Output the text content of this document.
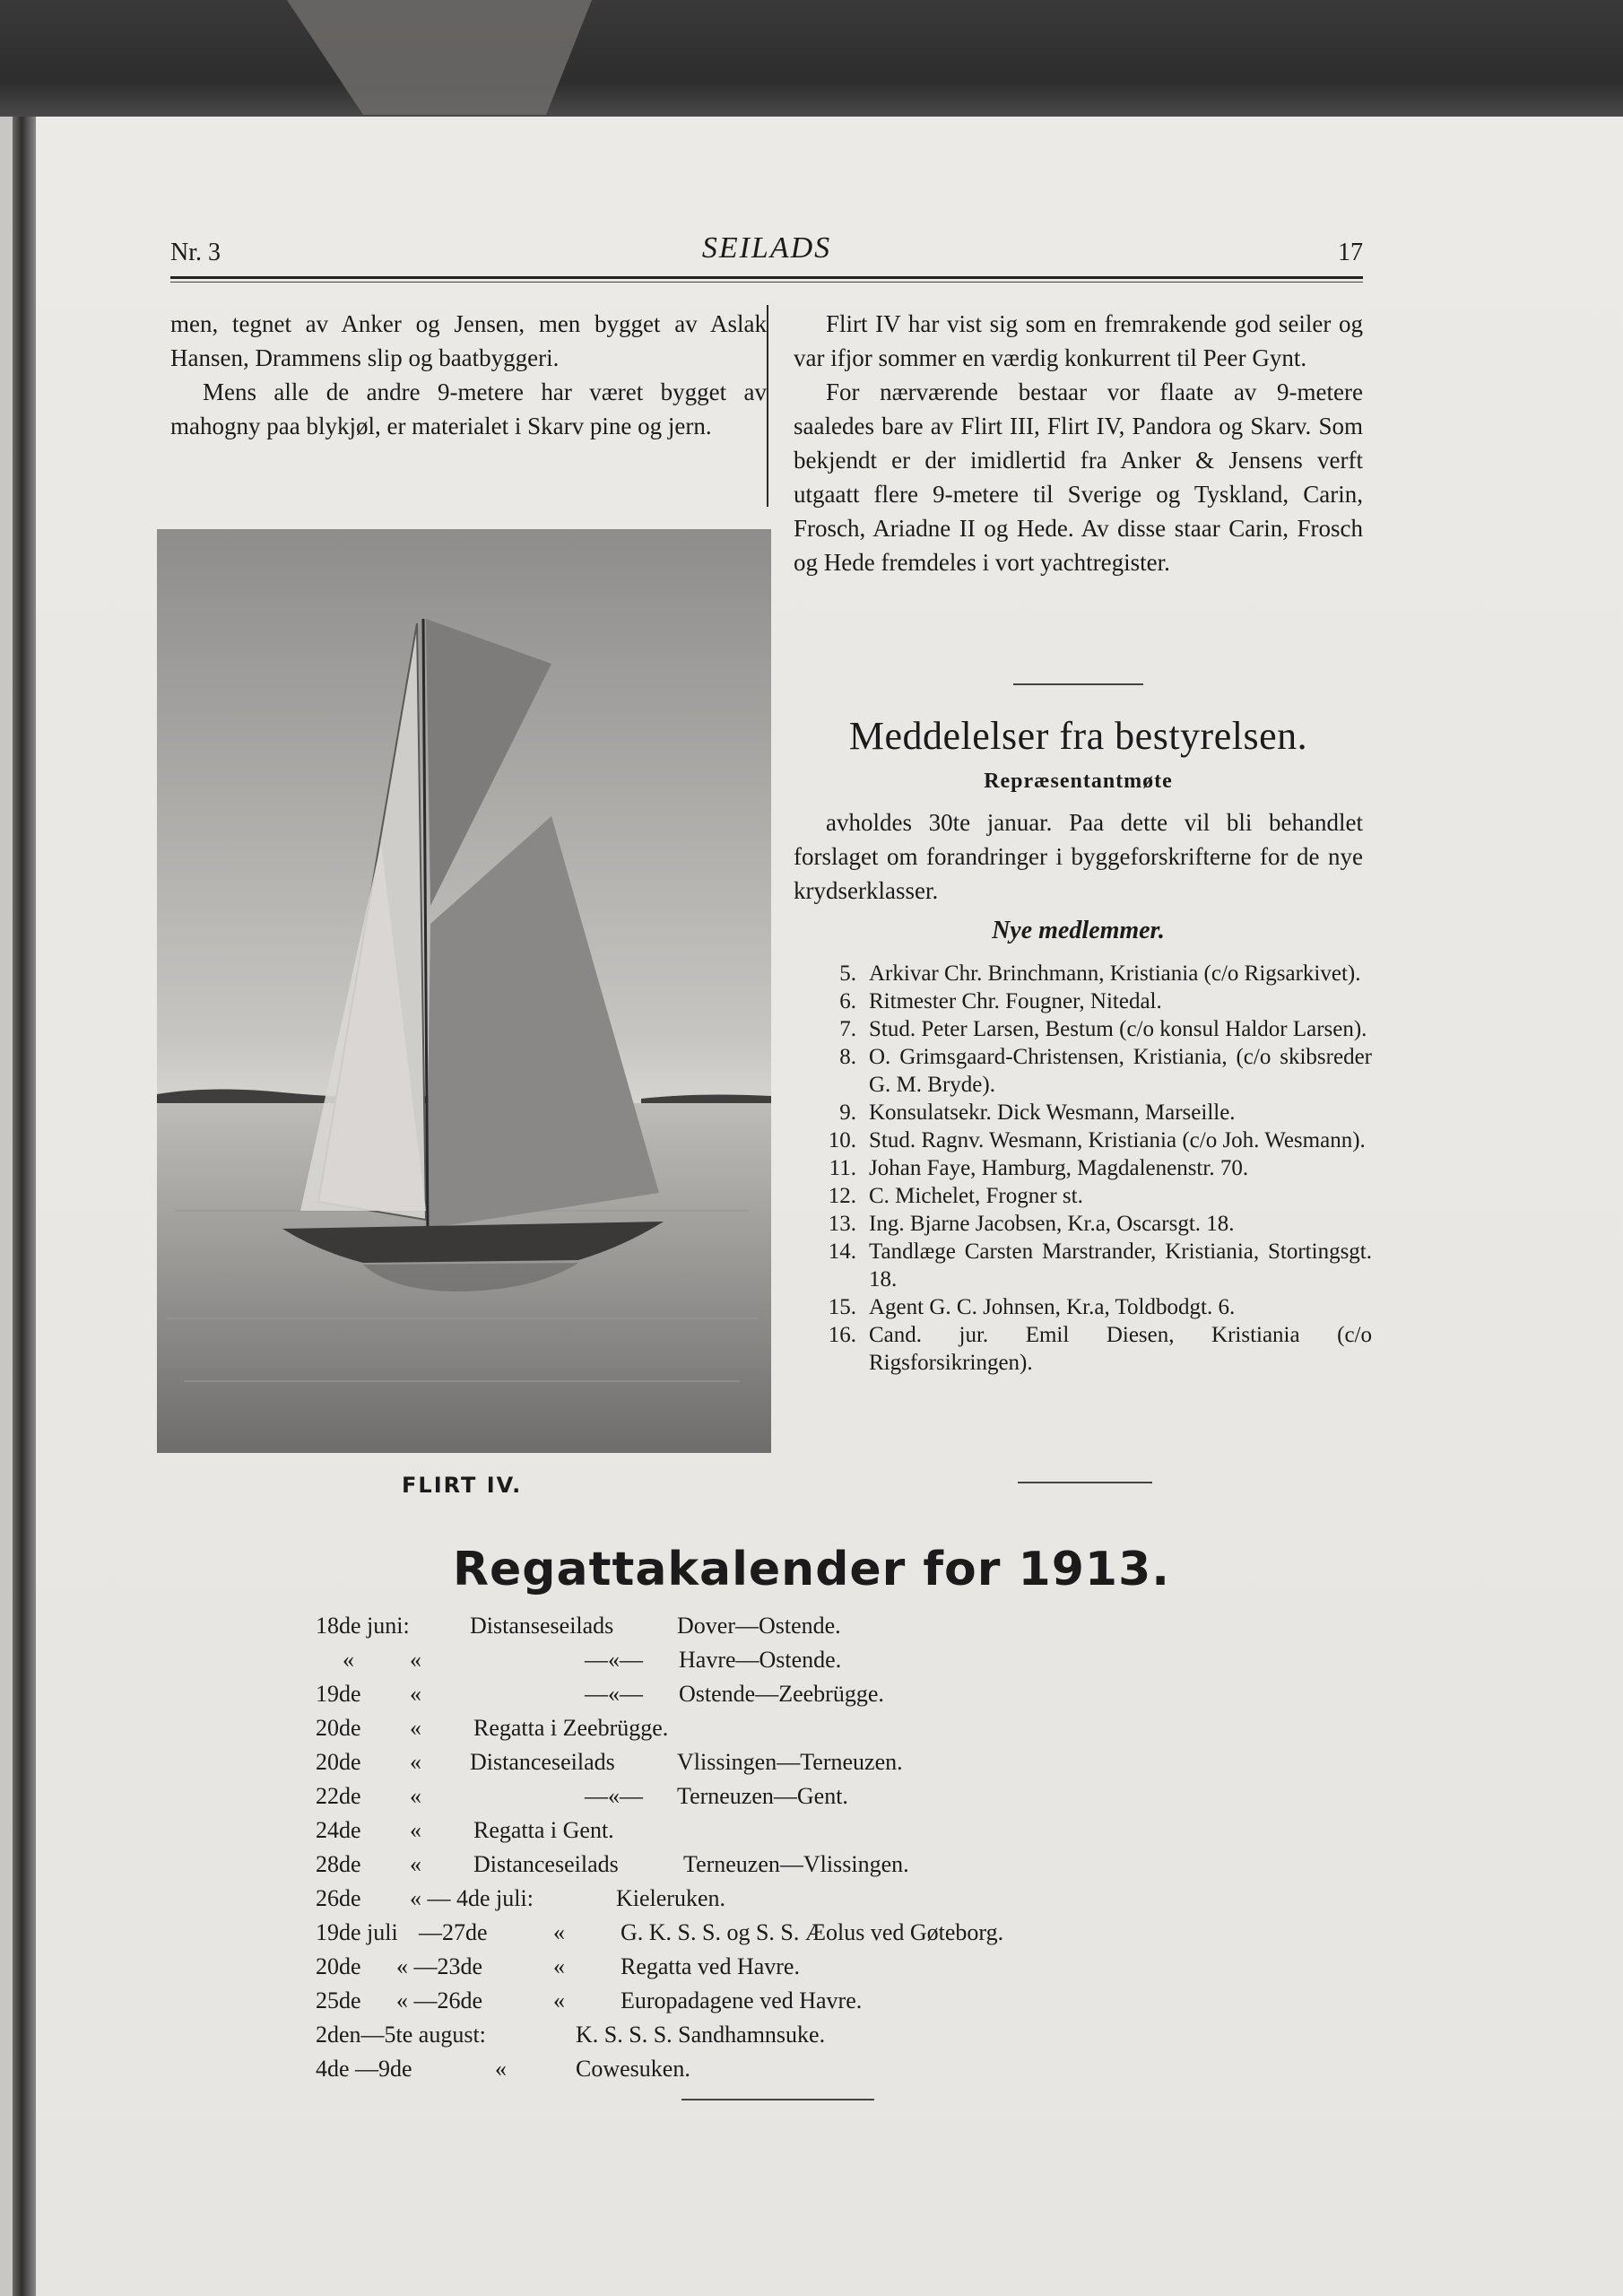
Nr. 3	SEILADS	17

men, tegnet av Anker og Jensen, men bygget av Aslak Hansen, Drammens slip og baatbyggeri.

Mens alle de andre 9-metere har været bygget av mahogny paa blykjøl, er materialet i Skarv pine og jern.

FLIRT IV.

Flirt IV har vist sig som en fremrakende god seiler og var ifjor sommer en værdig konkurrent til Peer Gynt.

For nærværende bestaar vor flaate av 9-metere saaledes bare av Flirt III, Flirt IV, Pandora og Skarv. Som bekjendt er der imidlertid fra Anker & Jensens verft utgaatt flere 9-metere til Sverige og Tyskland, Carin, Frosch, Ariadne II og Hede. Av disse staar Carin, Frosch og Hede fremdeles i vort yachtregister.

Meddelelser fra bestyrelsen.
Repræsentantmøte

avholdes 30te januar. Paa dette vil bli behandlet forslaget om forandringer i byggeforskrifterne for de nye krydserklasser.

Nye medlemmer.
5. Arkivar Chr. Brinchmann, Kristiania (c/o Rigsarkivet).
6. Ritmester Chr. Fougner, Nitedal.
7. Stud. Peter Larsen, Bestum (c/o konsul Haldor Larsen).
8. O. Grimsgaard-Christensen, Kristiania, (c/o skibsreder G. M. Bryde).
9. Konsulatsekr. Dick Wesmann, Marseille.
10. Stud. Ragnv. Wesmann, Kristiania (c/o Joh. Wesmann).
11. Johan Faye, Hamburg, Magdalenenstr. 70.
12. C. Michelet, Frogner st.
13. Ing. Bjarne Jacobsen, Kr.a, Oscarsgt. 18.
14. Tandlæge Carsten Marstrander, Kristiania, Stortingsgt. 18.
15. Agent G. C. Johnsen, Kr.a, Toldbodgt. 6.
16. Cand. jur. Emil Diesen, Kristiania (c/o Rigsforsikringen).
Regattakalender for 1913.
18de juni:	Distanseseilads	Dover—Ostende.
« «	—«— Havre—Ostende.
19de «	—«— Ostende—Zeebrügge.
20de « Regatta i Zeebrügge.
20de « Distanceseilads	Vlissingen—Terneuzen.
22de «	—«— Terneuzen—Gent.
24de « Regatta i Gent.
28de « Distanceseilads	Terneuzen—Vlissingen.
26de « — 4de juli:	Kieleruken.
19de juli —27de	« G. K. S. S. og S. S. Æolus ved Gøteborg.
20de « —23de	« Regatta ved Havre.
25de « —26de	« Europadagene ved Havre.
2den—5te august:	K. S. S. S. Sandhamnsuke.
4de —9de	«	Cowesuken.
